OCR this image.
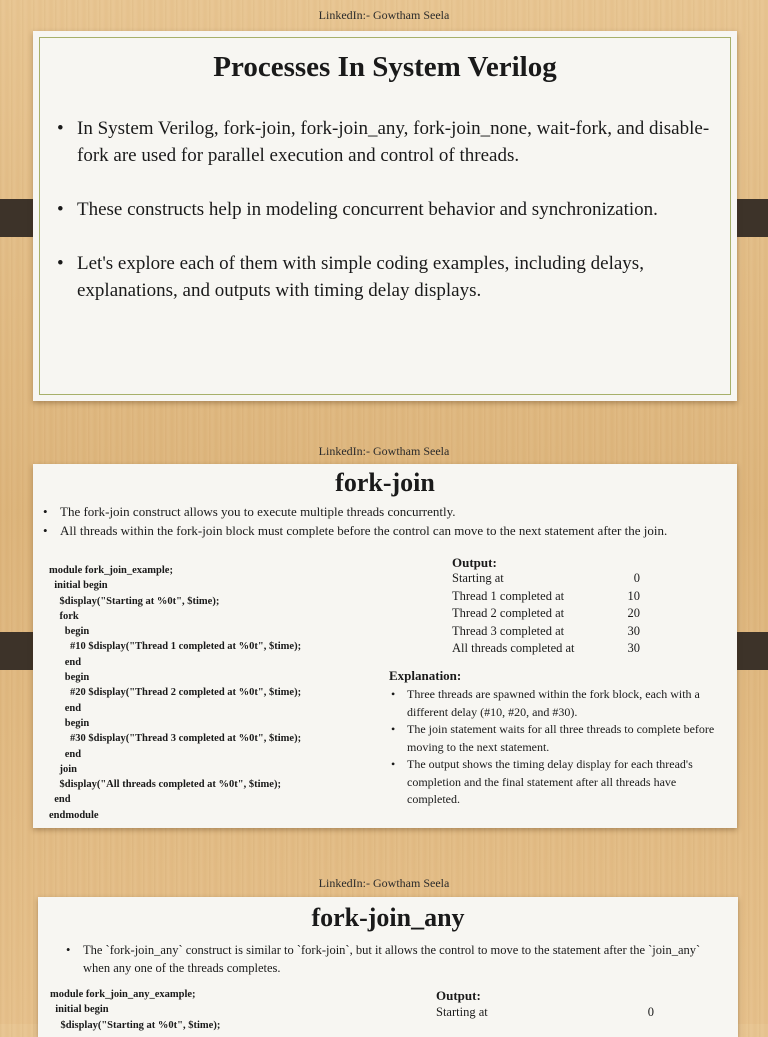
LinkedIn:- Gowtham Seela
Processes In System Verilog
• In System Verilog, fork-join, fork-join_any, fork-join_none, wait-fork, and disable-fork are used for parallel execution and control of threads.
• These constructs help in modeling concurrent behavior and synchronization.
• Let's explore each of them with simple coding examples, including delays, explanations, and outputs with timing delay displays.
LinkedIn:- Gowtham Seela
fork-join
• The fork-join construct allows you to execute multiple threads concurrently.
• All threads within the fork-join block must complete before the control can move to the next statement after the join.
module fork_join_example;
initial begin
$display("Starting at %0t", $time);
fork
begin
#10 $display("Thread 1 completed at %0t", $time);
end
begin
#20 $display("Thread 2 completed at %0t", $time);
end
begin
#30 $display("Thread 3 completed at %0t", $time);
end
join
$display("All threads completed at %0t", $time);
end
endmodule
Output:
Starting at	0
Thread 1 completed at	10
Thread 2 completed at	20
Thread 3 completed at	30
All threads completed at	30
Explanation:
• Three threads are spawned within the fork block, each with a different delay (#10, #20, and #30).
• The join statement waits for all three threads to complete before moving to the next statement.
• The output shows the timing delay display for each thread's completion and the final statement after all threads have completed.
LinkedIn:- Gowtham Seela
fork-join_any
• The `fork-join_any` construct is similar to `fork-join`, but it allows the control to move to the statement after the `join_any` when any one of the threads completes.
module fork_join_any_example;
initial begin
$display("Starting at %0t", $time);
Output:
Starting at	0
